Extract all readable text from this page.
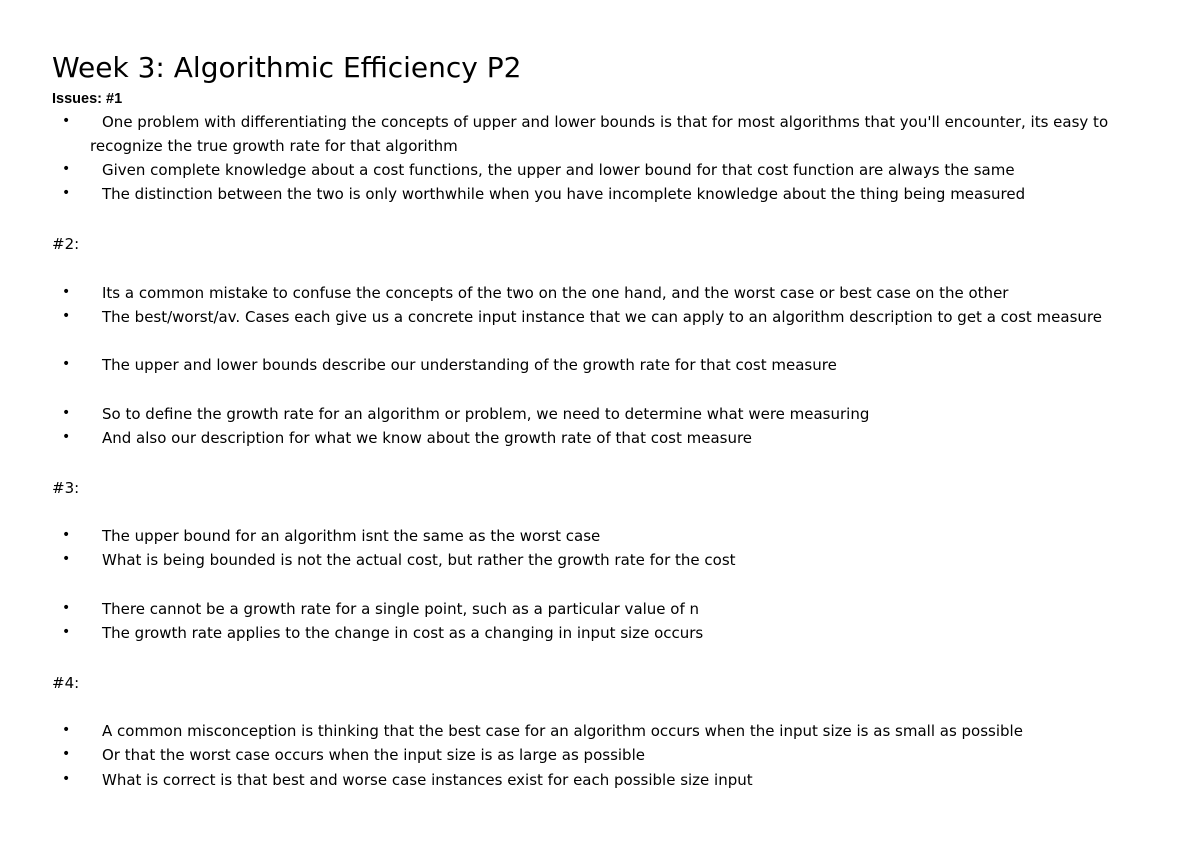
Week 3: Algorithmic Efficiency P2
Issues: #1
•	One problem with differentiating the concepts of upper and lower bounds is that for most algorithms that you'll encounter, its easy to recognize the true growth rate for that algorithm
•	Given complete knowledge about a cost functions, the upper and lower bound for that cost function are always the same
•	The distinction between the two is only worthwhile when you have incomplete knowledge about the thing being measured
#2:
•	Its a common mistake to confuse the concepts of the two on the one hand, and the worst case or best case on the other
•	The best/worst/av. Cases each give us a concrete input instance that we can apply to an algorithm description to get a cost measure
•	The upper and lower bounds describe our understanding of the growth rate for that cost measure
•	So to define the growth rate for an algorithm or problem, we need to determine what were measuring
•	And also our description for what we know about the growth rate of that cost measure
#3:
•	The upper bound for an algorithm isnt the same as the worst case
•	What is being bounded is not the actual cost, but rather the growth rate for the cost
•	There cannot be a growth rate for a single point, such as a particular value of n
•	The growth rate applies to the change in cost as a changing in input size occurs
#4:
•	A common misconception is thinking that the best case for an algorithm occurs when the input size is as small as possible
•	Or that the worst case occurs when the input size is as large as possible
•	What is correct is that best and worse case instances exist for each possible size input
